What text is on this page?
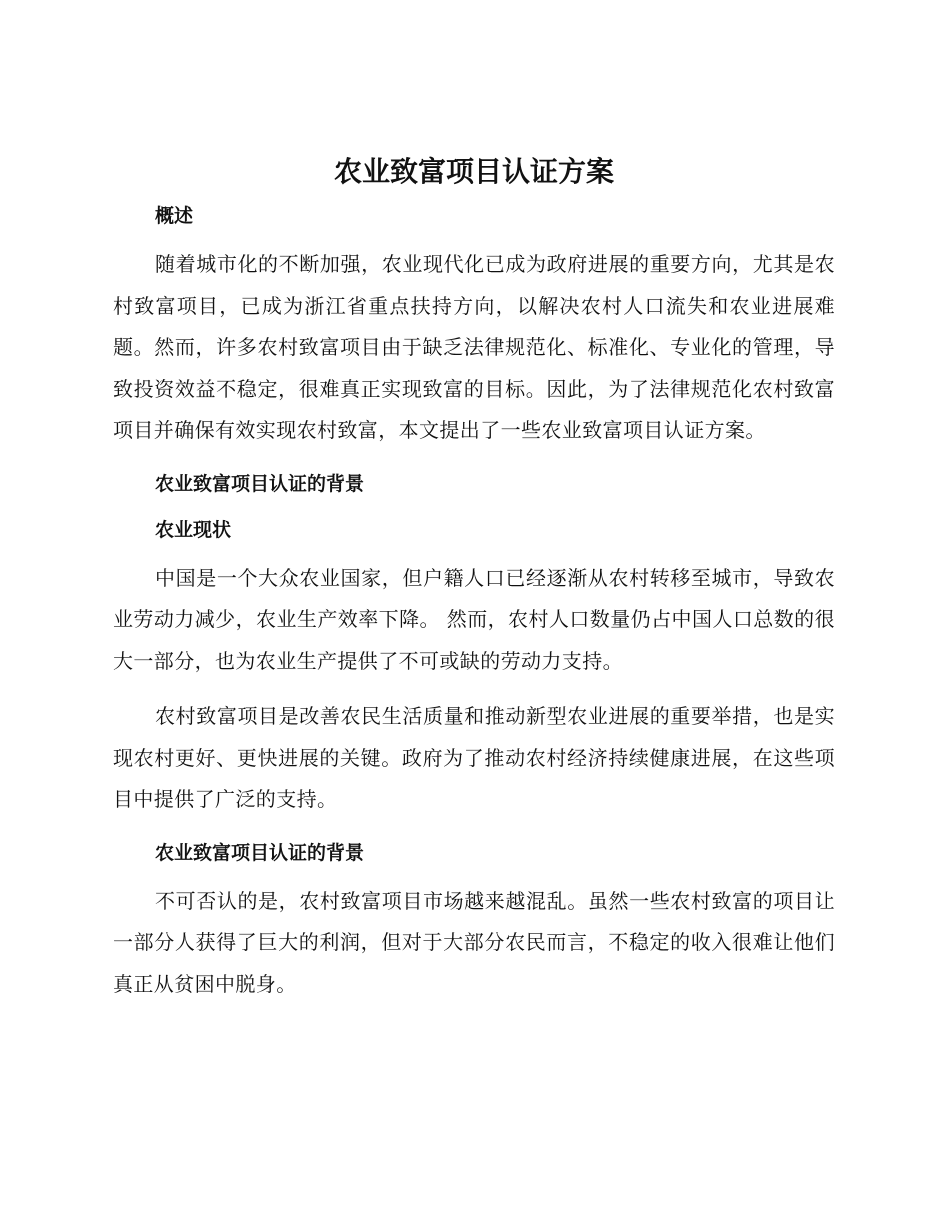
农业致富项目认证方案
概述

随着城市化的不断加强，农业现代化已成为政府进展的重要方向，尤其是农村致富项目，已成为浙江省重点扶持方向，以解决农村人口流失和农业进展难题。然而，许多农村致富项目由于缺乏法律规范化、标准化、专业化的管理，导致投资效益不稳定，很难真正实现致富的目标。因此，为了法律规范化农村致富项目并确保有效实现农村致富，本文提出了一些农业致富项目认证方案。

农业致富项目认证的背景
农业现状

中国是一个大众农业国家，但户籍人口已经逐渐从农村转移至城市，导致农业劳动力减少，农业生产效率下降。 然而，农村人口数量仍占中国人口总数的很大一部分，也为农业生产提供了不可或缺的劳动力支持。

农村致富项目是改善农民生活质量和推动新型农业进展的重要举措，也是实现农村更好、更快进展的关键。政府为了推动农村经济持续健康进展，在这些项目中提供了广泛的支持。

农业致富项目认证的背景

不可否认的是，农村致富项目市场越来越混乱。虽然一些农村致富的项目让一部分人获得了巨大的利润，但对于大部分农民而言，不稳定的收入很难让他们真正从贫困中脱身。
